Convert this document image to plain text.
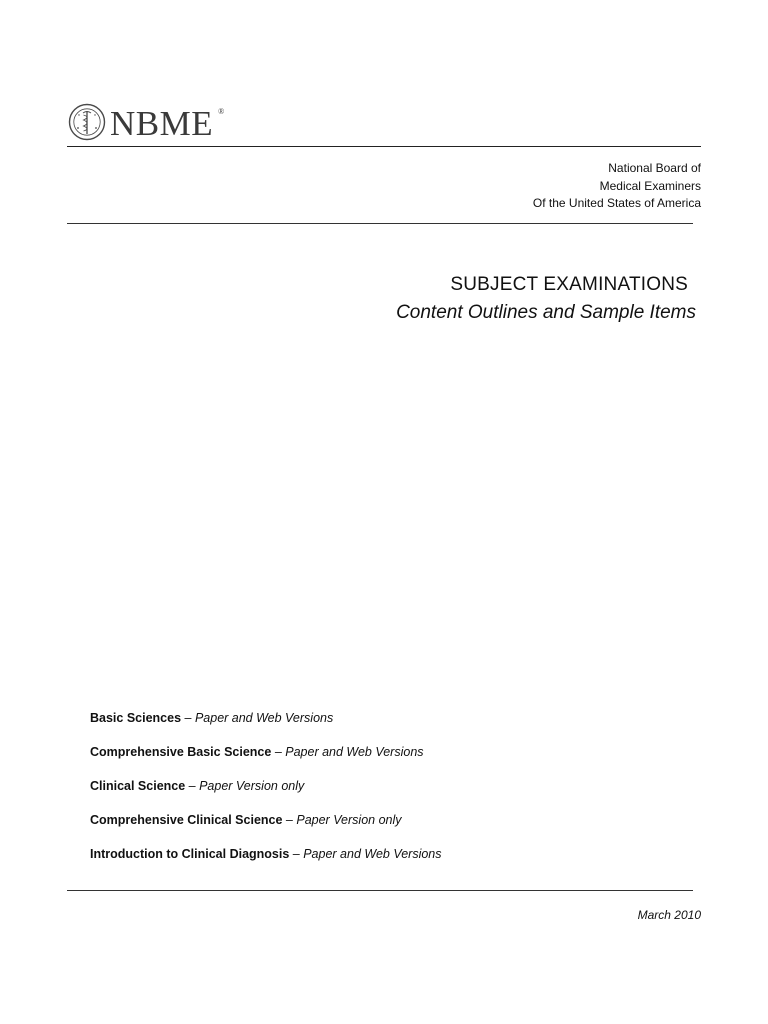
NBME ®
National Board of
Medical Examiners
Of the United States of America
SUBJECT EXAMINATIONS
Content Outlines and Sample Items
Basic Sciences – Paper and Web Versions
Comprehensive Basic Science – Paper and Web Versions
Clinical Science – Paper Version only
Comprehensive Clinical Science – Paper Version only
Introduction to Clinical Diagnosis – Paper and Web Versions
March 2010
